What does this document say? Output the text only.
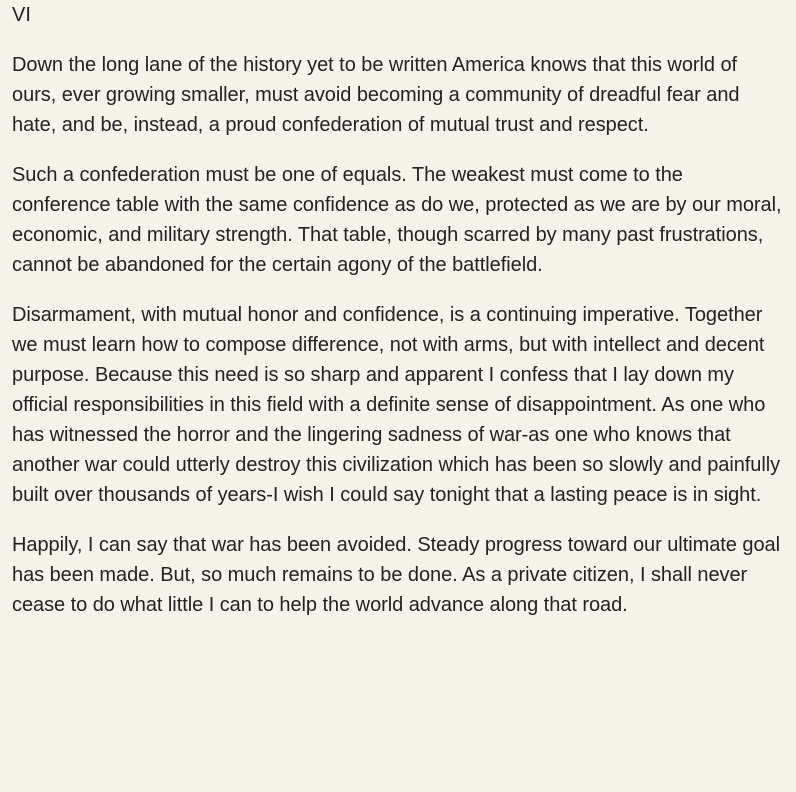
VI

Down the long lane of the history yet to be written America knows that this world of ours, ever growing smaller, must avoid becoming a community of dreadful fear and hate, and be, instead, a proud confederation of mutual trust and respect.

Such a confederation must be one of equals. The weakest must come to the conference table with the same confidence as do we, protected as we are by our moral, economic, and military strength. That table, though scarred by many past frustrations, cannot be abandoned for the certain agony of the battlefield.

Disarmament, with mutual honor and confidence, is a continuing imperative. Together we must learn how to compose difference, not with arms, but with intellect and decent purpose. Because this need is so sharp and apparent I confess that I lay down my official responsibilities in this field with a definite sense of disappointment. As one who has witnessed the horror and the lingering sadness of war-as one who knows that another war could utterly destroy this civilization which has been so slowly and painfully built over thousands of years-I wish I could say tonight that a lasting peace is in sight.

Happily, I can say that war has been avoided. Steady progress toward our ultimate goal has been made. But, so much remains to be done. As a private citizen, I shall never cease to do what little I can to help the world advance along that road.
